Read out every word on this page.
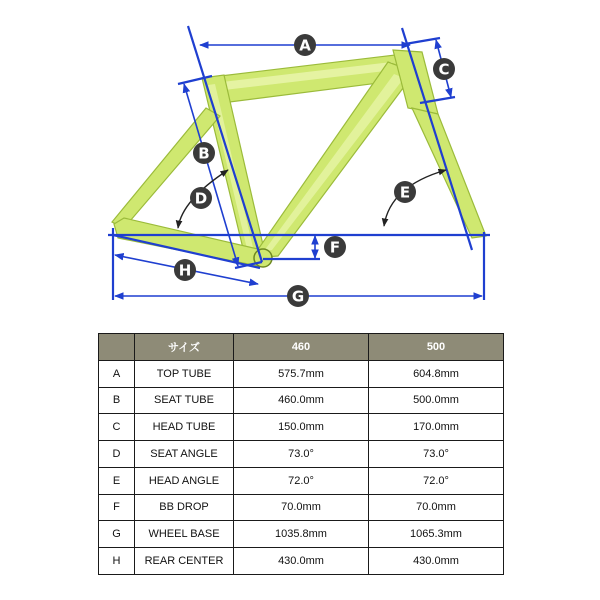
A
B
C
D	E
F
G
H
	サイズ	460	500
A	TOP TUBE	575.7mm	604.8mm
B	SEAT TUBE	460.0mm	500.0mm
C	HEAD TUBE	150.0mm	170.0mm
D	SEAT ANGLE	73.0°	73.0°
E	HEAD ANGLE	72.0°	72.0°
F	BB DROP	70.0mm	70.0mm
G	WHEEL BASE	1035.8mm	1065.3mm
H	REAR CENTER	430.0mm	430.0mm
